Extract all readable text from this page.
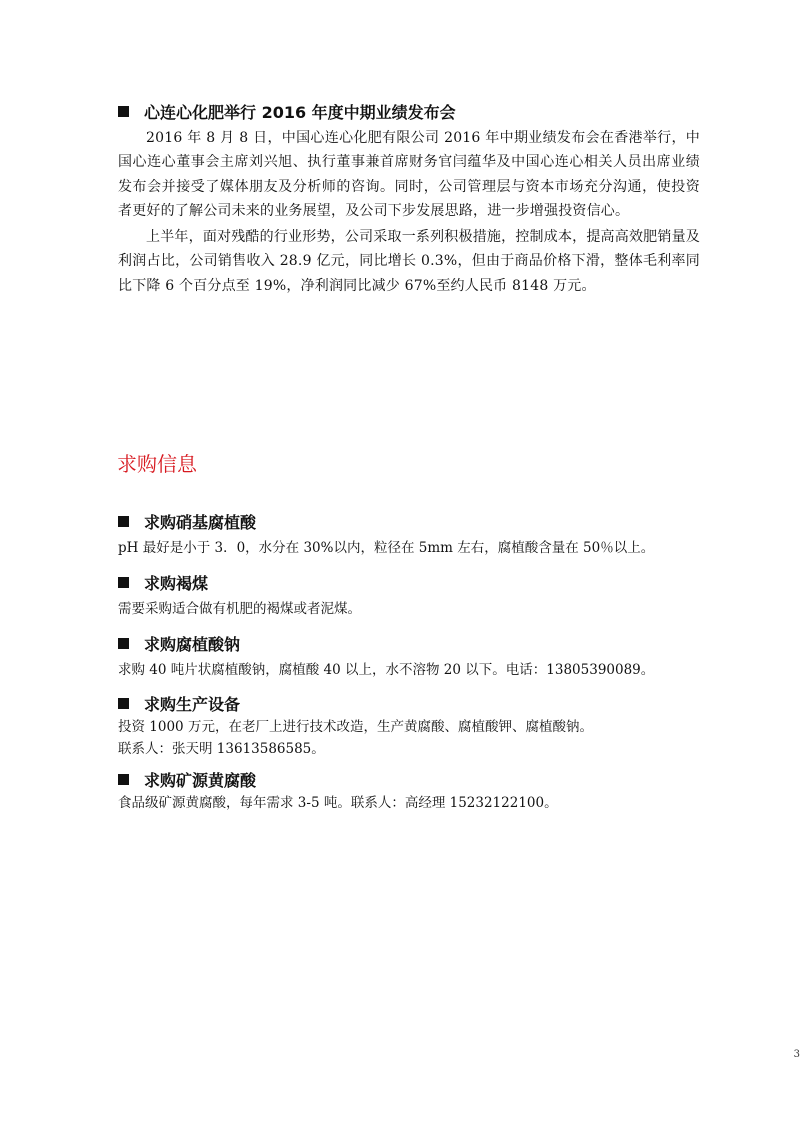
心连心化肥举行 2016 年度中期业绩发布会

2016 年 8 月 8 日，中国心连心化肥有限公司 2016 年中期业绩发布会在香港举行，中国心连心董事会主席刘兴旭、执行董事兼首席财务官闫蕴华及中国心连心相关人员出席业绩发布会并接受了媒体朋友及分析师的咨询。同时，公司管理层与资本市场充分沟通，使投资者更好的了解公司未来的业务展望，及公司下步发展思路，进一步增强投资信心。

上半年，面对残酷的行业形势，公司采取一系列积极措施，控制成本，提高高效肥销量及利润占比，公司销售收入 28.9 亿元，同比增长 0.3%，但由于商品价格下滑，整体毛利率同比下降 6 个百分点至 19%，净利润同比减少 67%至约人民币 8148 万元。

求购信息
求购硝基腐植酸

pH 最好是小于 3．0，水分在 30%以内，粒径在 5mm 左右，腐植酸含量在 50％以上。

求购褐煤

需要采购适合做有机肥的褐煤或者泥煤。

求购腐植酸钠

求购 40 吨片状腐植酸钠，腐植酸 40 以上，水不溶物 20 以下。电话：13805390089。

求购生产设备

投资 1000 万元，在老厂上进行技术改造，生产黄腐酸、腐植酸钾、腐植酸钠。

联系人：张天明 13613586585。

求购矿源黄腐酸

食品级矿源黄腐酸，每年需求 3-5 吨。联系人：高经理 15232122100。

3
